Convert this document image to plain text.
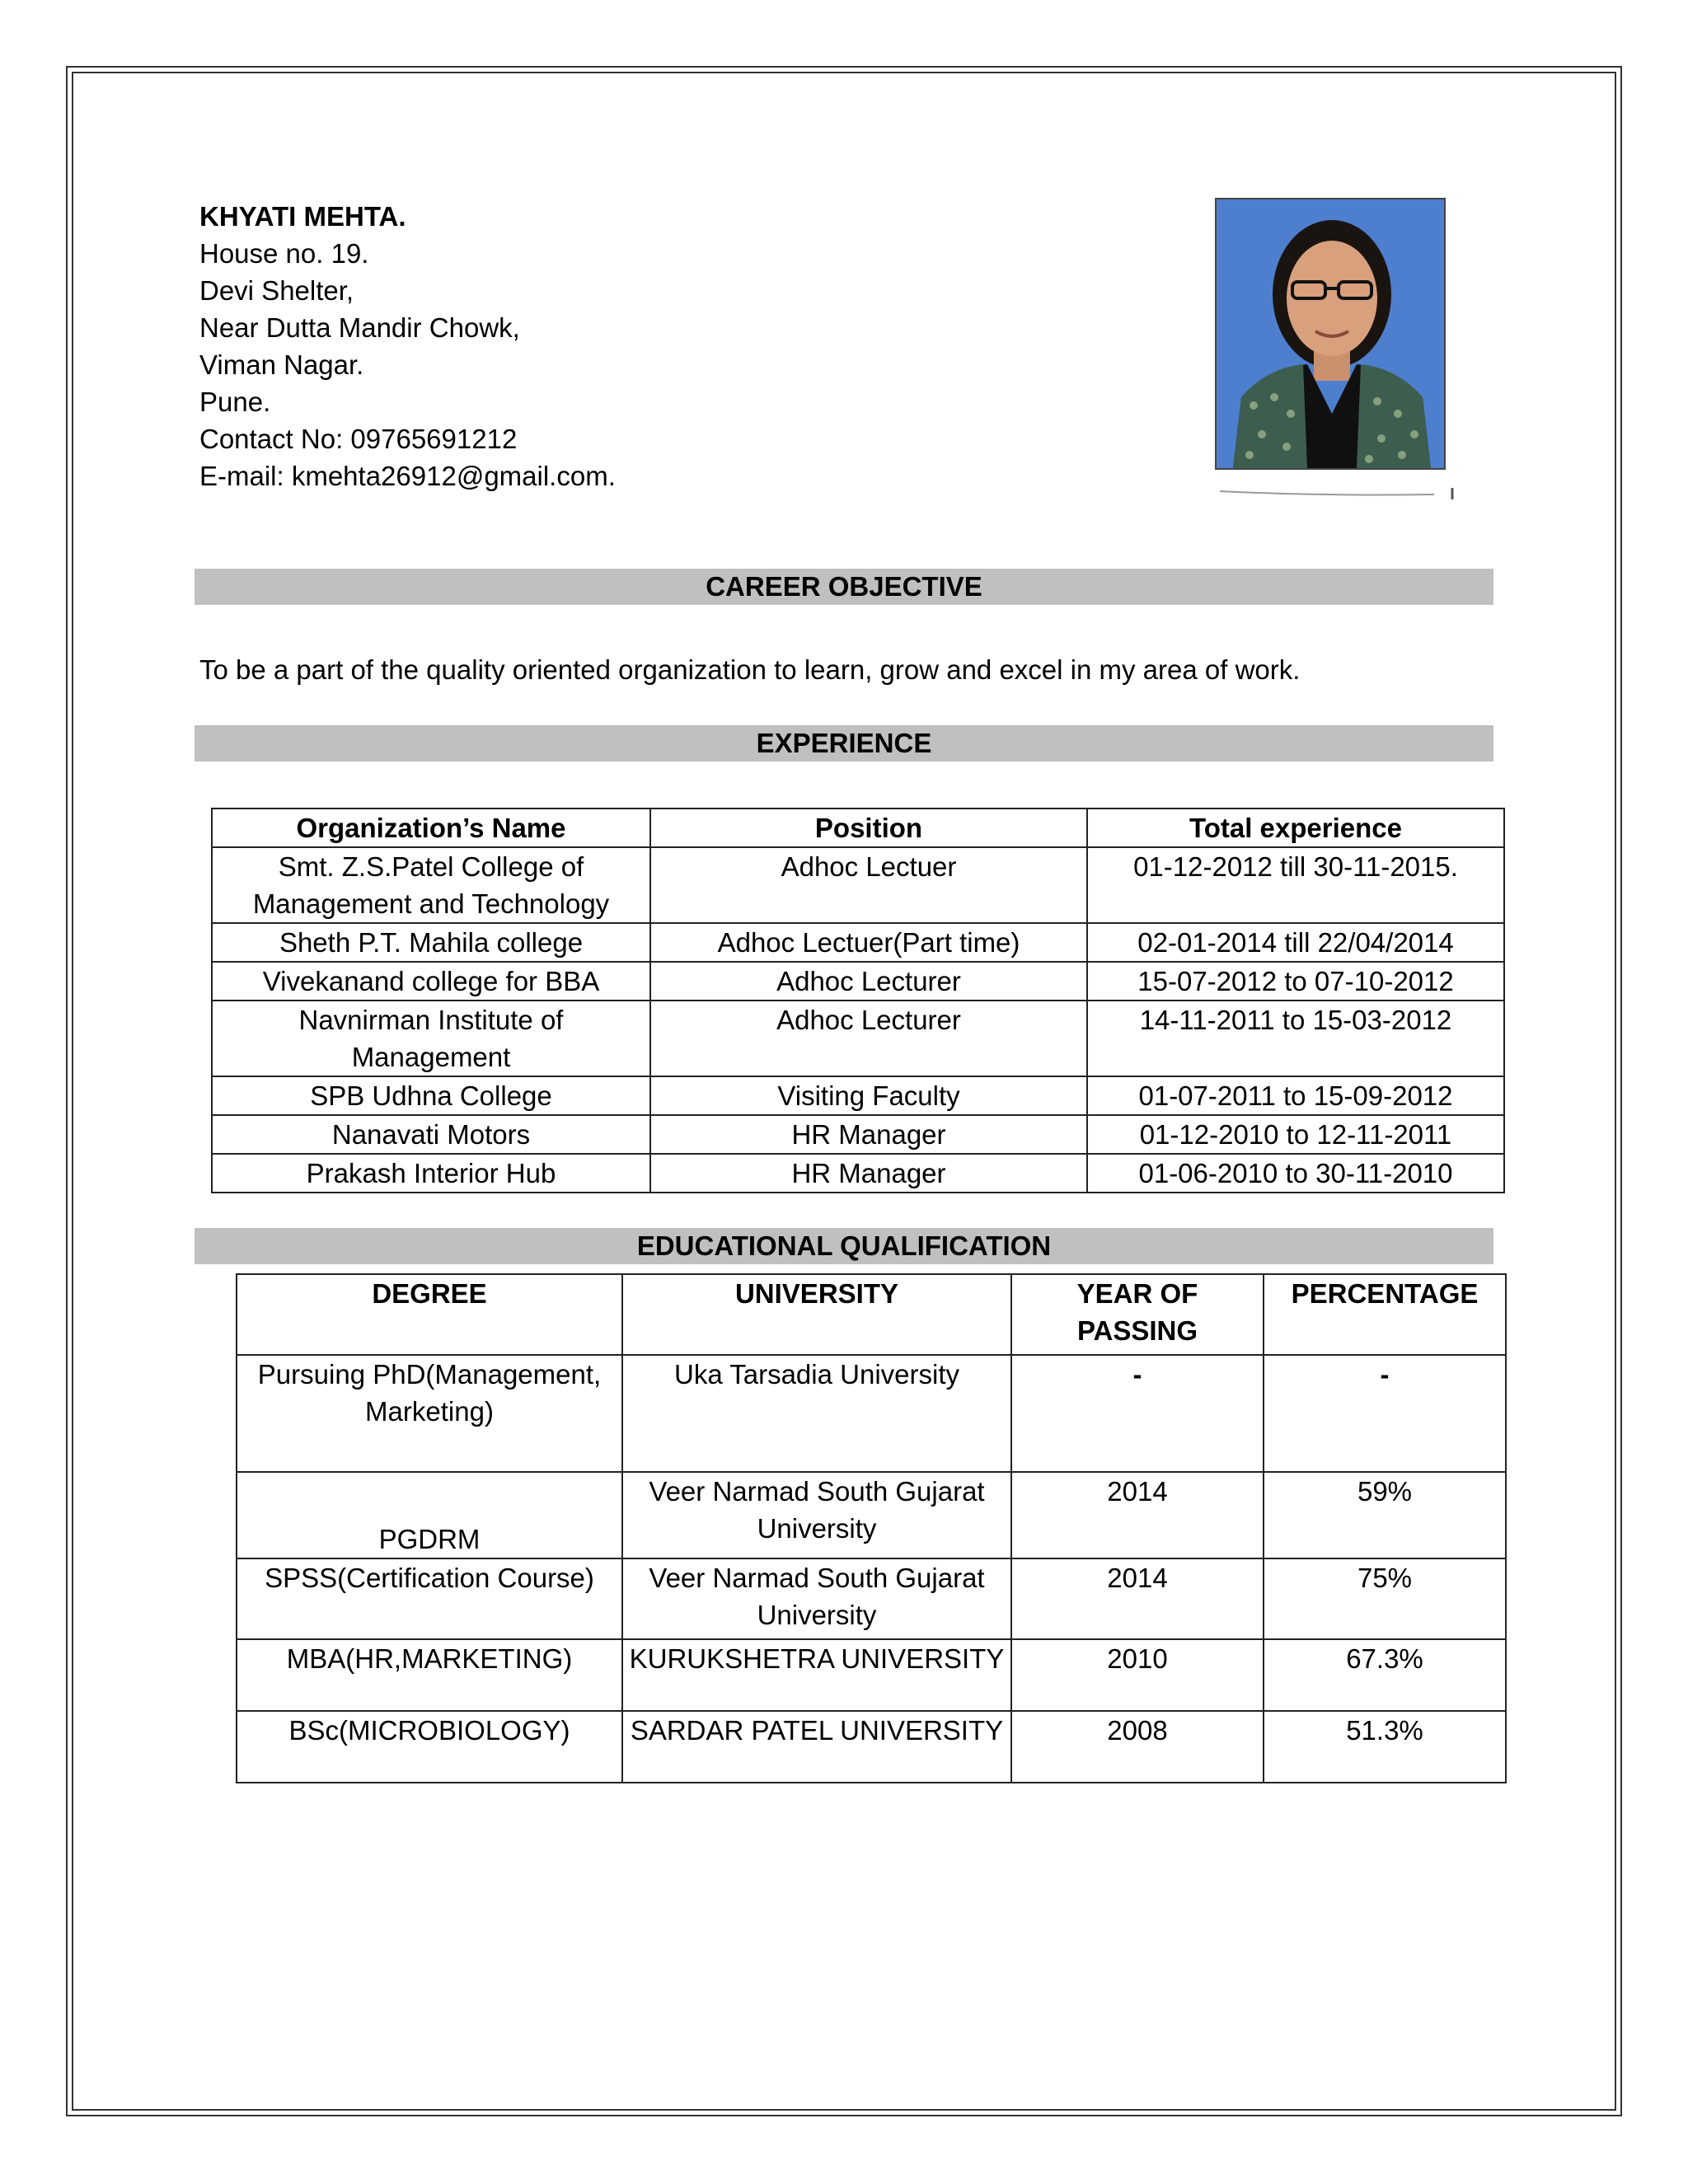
KHYATI MEHTA.
House no. 19.
Devi Shelter,
Near Dutta Mandir Chowk,
Viman Nagar.
Pune.
Contact No: 09765691212
E-mail: kmehta26912@gmail.com.
CAREER OBJECTIVE
To be a part of the quality oriented organization to learn, grow and excel in my area of work.
EXPERIENCE
Organization’s Name	Position	Total experience
Smt. Z.S.Patel College of Management and Technology	Adhoc Lectuer	01-12-2012 till 30-11-2015.
Sheth P.T. Mahila college	Adhoc Lectuer(Part time)	02-01-2014 till 22/04/2014
Vivekanand college for BBA	Adhoc Lecturer	15-07-2012 to 07-10-2012
Navnirman Institute of Management	Adhoc Lecturer	14-11-2011 to 15-03-2012
SPB Udhna College	Visiting Faculty	01-07-2011 to 15-09-2012
Nanavati Motors	HR Manager	01-12-2010 to 12-11-2011
Prakash Interior Hub	HR Manager	01-06-2010 to 30-11-2010
EDUCATIONAL QUALIFICATION
DEGREE	UNIVERSITY	YEAR OF PASSING	PERCENTAGE
Pursuing PhD(Management, Marketing)	Uka Tarsadia University	-	-
PGDRM	Veer Narmad South Gujarat University	2014	59%
SPSS(Certification Course)	Veer Narmad South Gujarat University	2014	75%
MBA(HR,MARKETING)	KURUKSHETRA UNIVERSITY	2010	67.3%
BSc(MICROBIOLOGY)	SARDAR PATEL UNIVERSITY	2008	51.3%
